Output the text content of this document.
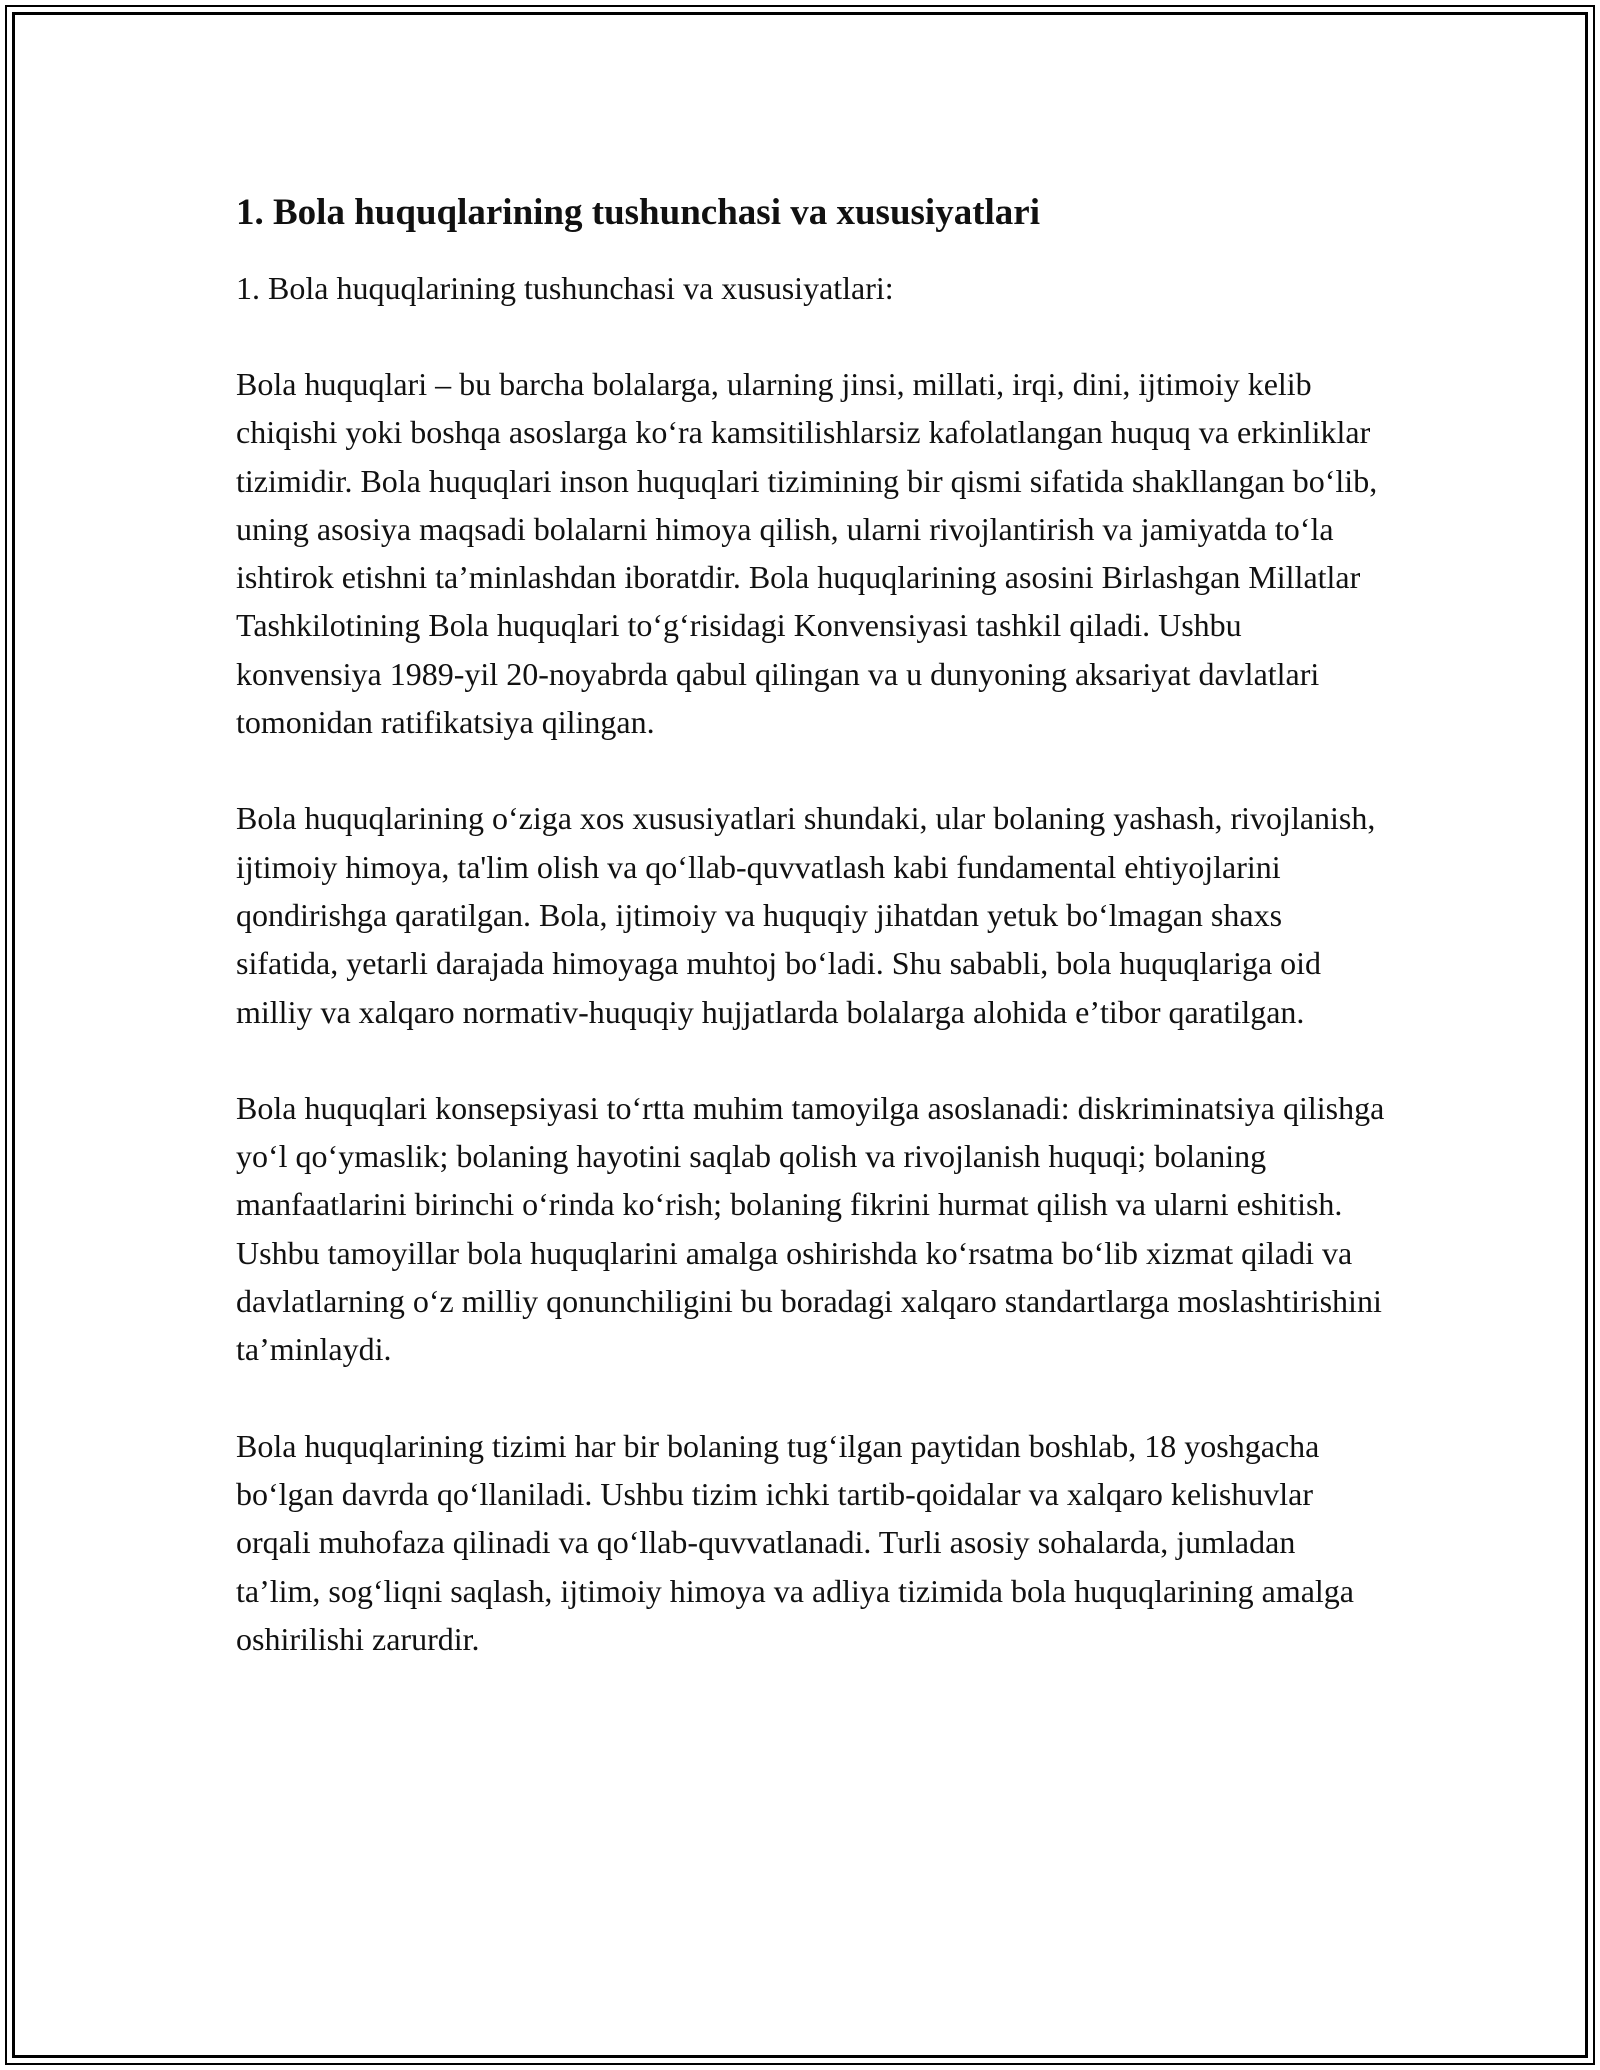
1. Bola huquqlarining tushunchasi va xususiyatlari

1. Bola huquqlarining tushunchasi va xususiyatlari:

Bola huquqlari – bu barcha bolalarga, ularning jinsi, millati, irqi, dini, ijtimoiy kelib chiqishi yoki boshqa asoslarga koʻra kamsitilishlarsiz kafolatlangan huquq va erkinliklar tizimidir. Bola huquqlari inson huquqlari tizimining bir qismi sifatida shakllangan boʻlib, uning asosiya maqsadi bolalarni himoya qilish, ularni rivojlantirish va jamiyatda toʻla ishtirok etishni taʼminlashdan iboratdir. Bola huquqlarining asosini Birlashgan Millatlar Tashkilotining Bola huquqlari toʻgʻrisidagi Konvensiyasi tashkil qiladi. Ushbu konvensiya 1989-yil 20-noyabrda qabul qilingan va u dunyoning aksariyat davlatlari tomonidan ratifikatsiya qilingan.

Bola huquqlarining oʻziga xos xususiyatlari shundaki, ular bolaning yashash, rivojlanish, ijtimoiy himoya, ta'lim olish va qoʻllab-quvvatlash kabi fundamental ehtiyojlarini qondirishga qaratilgan. Bola, ijtimoiy va huquqiy jihatdan yetuk boʻlmagan shaxs sifatida, yetarli darajada himoyaga muhtoj boʻladi. Shu sababli, bola huquqlariga oid milliy va xalqaro normativ-huquqiy hujjatlarda bolalarga alohida eʼtibor qaratilgan.

Bola huquqlari konsepsiyasi toʻrtta muhim tamoyilga asoslanadi: diskriminatsiya qilishga yoʻl qoʻymaslik; bolaning hayotini saqlab qolish va rivojlanish huquqi; bolaning manfaatlarini birinchi oʻrinda koʻrish; bolaning fikrini hurmat qilish va ularni eshitish. Ushbu tamoyillar bola huquqlarini amalga oshirishda koʻrsatma boʻlib xizmat qiladi va davlatlarning oʻz milliy qonunchiligini bu boradagi xalqaro standartlarga moslashtirishini taʼminlaydi.

Bola huquqlarining tizimi har bir bolaning tugʻilgan paytidan boshlab, 18 yoshgacha boʻlgan davrda qoʻllaniladi. Ushbu tizim ichki tartib-qoidalar va xalqaro kelishuvlar orqali muhofaza qilinadi va qoʻllab-quvvatlanadi. Turli asosiy sohalarda, jumladan taʼlim, sogʻliqni saqlash, ijtimoiy himoya va adliya tizimida bola huquqlarining amalga oshirilishi zarurdir.
